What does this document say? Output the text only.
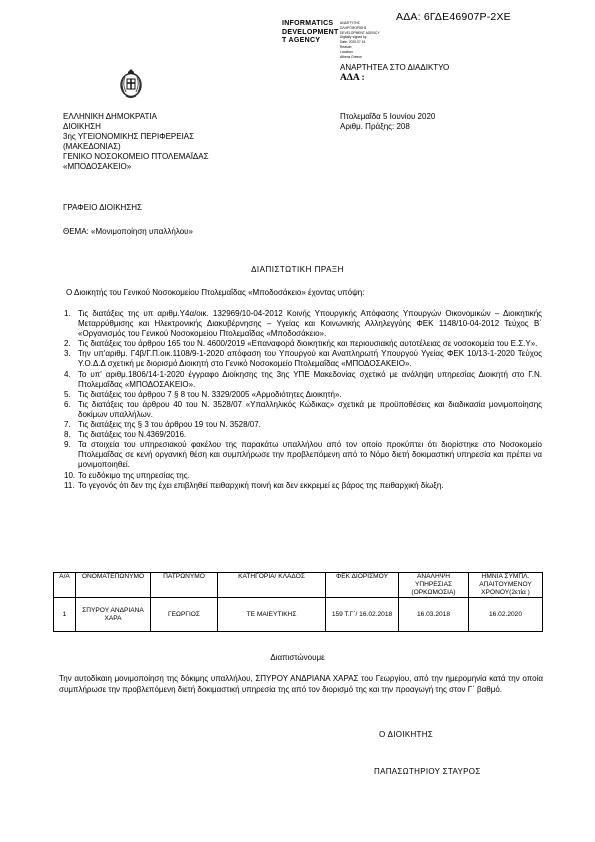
ΑΔΑ: 6ΓΔΕ46907Ρ-2ΧΕ
INFORMATICS
DEVELOPMENT
T AGENCY
ΑΝΑΠΤΥΞΗΣ
ΠΛΗΡΟΦΟΡΙΚΗΣ
DEVELOPMENT AGENCY
Digitally signed by
Date: 2020.07.15
Reason:
Location:
Athens Greece
ΕΛΛΗΝΙΚΗ ΔΗΜΟΚΡΑΤΙΑ
ΔΙΟΙΚΗΣΗ
3ης ΥΓΕΙΟΝΟΜΙΚΗΣ ΠΕΡΙΦΕΡΕΙΑΣ
(ΜΑΚΕΔΟΝΙΑΣ)
ΓΕΝΙΚΟ ΝΟΣΟΚΟΜΕΙΟ ΠΤΟΛΕΜΑΪΔΑΣ
«ΜΠΟΔΟΣΑΚΕΙΟ»
ΑΝΑΡΤΗΤΕΑ ΣΤΟ ΔΙΑΔΙΚΤΥΟ
ΑΔΑ :
Πτολεμαΐδα 5 Ιουνίου 2020
Αριθμ. Πράξης: 208
ΓΡΑΦΕΙΟ ΔΙΟΙΚΗΣΗΣ
ΘΕΜΑ: «Μονιμοποίηση υπαλλήλου»
ΔΙΑΠΙΣΤΩΤΙΚΗ ΠΡΑΞΗ
Ο Διοικητής του Γενικού Νοσοκομείου Πτολεμαΐδας «Μποδοσάκειο» έχοντας υπόψη:
1. Τις διατάξεις της υπ αριθμ.Υ4α/οικ. 132969/10-04-2012 Κοινής Υπουργικής Απόφασης Υπουργών Οικονομικών – Διοικητικής Μεταρρύθμισης και Ηλεκτρονικής Διακυβέρνησης – Υγείας και Κοινωνικής Αλληλεγγύης ΦΕΚ 1148/10-04-2012 Τεύχος Β΄ «Οργανισμός του Γενικού Νοσοκομείου Πτολεμαΐδας «Μποδοσάκειο».
2. Τις διατάξεις του άρθρου 165 του Ν. 4600/2019 «Επαναφορά διοικητικής και περιουσιακής αυτοτέλειας σε νοσοκομεία του Ε.Σ.Υ».
3. Την υπ'αριθμ. Γ4β/Γ.Π.οικ.1108/9-1-2020 απόφαση του Υπουργού και Αναπληρωτή Υπουργού Υγείας ΦΕΚ 10/13-1-2020 Τεύχος Υ.Ο.Δ.Δ σχετική με διορισμό Διοικητή στο Γενικό Νοσοκομείο Πτολεμαΐδας «ΜΠΟΔΟΣΑΚΕΙΟ».
4. Το υπ' αριθμ.1806/14-1-2020 έγγραφο Διοίκησης της 3ης ΥΠΕ Μακεδονίας σχετικό με ανάληψη υπηρεσίας Διοικητή στο Γ.Ν. Πτολεμαΐδας «ΜΠΟΔΟΣΑΚΕΙΟ».
5. Τις διατάξεις του άρθρου 7 § 8 του Ν. 3329/2005 «Αρμοδιότητες Διοικητή».
6. Τις διατάξεις του άρθρου 40 του Ν. 3528/07 «Υπαλληλικός Κώδικας» σχετικά με προϋποθέσεις και διαδικασία μονιμοποίησης δοκίμων υπαλλήλων.
7. Τις διατάξεις της § 3 του άρθρου 19 του Ν. 3528/07.
8. Τις διατάξεις του Ν.4369/2016.
9. Τα στοιχεία του υπηρεσιακού φακέλου της παρακάτω υπαλλήλου από τον οποίο προκύπτει ότι διορίστηκε στο Νοσοκομείο Πτολεμαΐδας σε κενή οργανική θέση και συμπλήρωσε την προβλεπόμενη από το Νόμο διετή δοκιμαστική υπηρεσία και πρέπει να μονιμοποιηθεί.
10. Το ευδόκιμο της υπηρεσίας της.
11. Το γεγονός ότι δεν της έχει επιβληθεί πειθαρχική ποινή και δεν εκκρεμεί ες βάρος της πειθαρχική δίωξη.
Α/Α	ΟΝΟΜΑΤΕΠΩΝΥΜΟ	ΠΑΤΡΩΝΥΜΟ	ΚΑΤΗΓΟΡΙΑ/ ΚΛΑΔΟΣ	ΦΕΚ ΔΙΟΡΙΣΜΟΥ	ΑΝΑΛΗΨΗ ΥΠΗΡΕΣΙΑΣ (ΟΡΚΩΜΟΣΙΑ)	ΗΜΝΙΑ ΣΥΜΠΛ. ΑΠΑΙΤΟΥΜΕΝΟΥ ΧΡΟΝΟΥ(2ετία )
1	ΣΠΥΡΟΥ ΑΝΔΡΙΑΝΑ ΧΑΡΑ	ΓΕΩΡΓΙΟΣ	ΤΕ ΜΑΙΕΥΤΙΚΗΣ	159 Τ.Γ΄/ 16.02.2018	16.03.2018	16.02.2020
Διαπιστώνουμε
Την αυτοδίκαιη μονιμοποίηση της δόκιμης υπαλλήλου, ΣΠΥΡΟΥ ΑΝΔΡΙΑΝΑ ΧΑΡΑΣ του Γεωργίου, από την ημερομηνία κατά την οποία συμπλήρωσε την προβλεπόμενη διετή δοκιμαστική υπηρεσία της από τον διορισμό της και την προαγωγή της στον Γ΄ βαθμό.
Ο ΔΙΟΙΚΗΤΗΣ
ΠΑΠΑΣΩΤΗΡΙΟΥ ΣΤΑΥΡΟΣ
